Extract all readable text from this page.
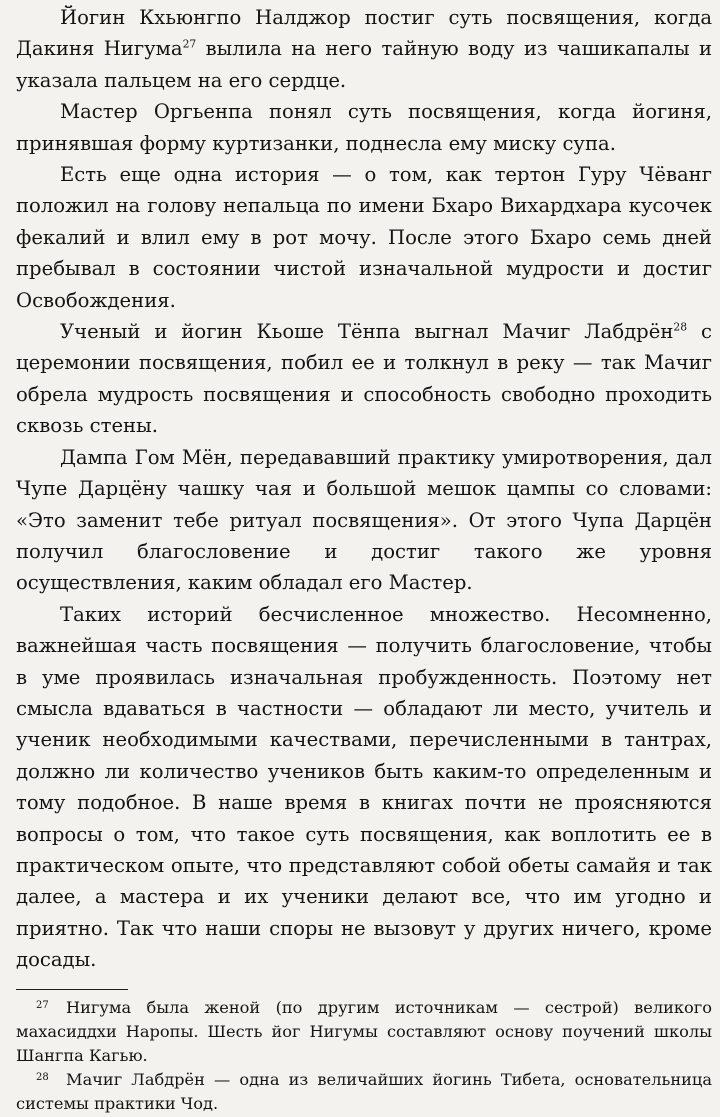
Йогин Кхьюнгпо Налджор постиг суть посвящения, когда Дакиня Нигума$^{27}$ вылила на него тайную воду из чашикапалы и указала пальцем на его сердце.

Мастер Оргьенпа понял суть посвящения, когда йогиня, принявшая форму куртизанки, поднесла ему миску супа.

Есть еще одна история — о том, как тертон Гуру Чёванг положил на голову непальца по имени Бхаро Вихардхара кусочек фекалий и влил ему в рот мочу. После этого Бхаро семь дней пребывал в состоянии чистой изначальной мудрости и достиг Освобождения.

Ученый и йогин Кьоше Тёнпа выгнал Мачиг Лабдрён$^{28}$ с церемонии посвящения, побил ее и толкнул в реку — так Мачиг обрела мудрость посвящения и способность свободно проходить сквозь стены.

Дампа Гом Мён, передававший практику умиротворения, дал Чупе Дарцёну чашку чая и большой мешок цампы со словами: «Это заменит тебе ритуал посвящения». От этого Чупа Дарцён получил благословение и достиг такого же уровня осуществления, каким обладал его Мастер.

Таких историй бесчисленное множество. Несомненно, важнейшая часть посвящения — получить благословение, чтобы в уме проявилась изначальная пробужденность. Поэтому нет смысла вдаваться в частности — обладают ли место, учитель и ученик необходимыми качествами, перечисленными в тантрах, должно ли количество учеников быть каким-то определенным и тому подобное. В наше время в книгах почти не проясняются вопросы о том, что такое суть посвящения, как воплотить ее в практическом опыте, что представляют собой обеты самайя и так далее, а мастера и их ученики делают все, что им угодно и приятно. Так что наши споры не вызовут у других ничего, кроме досады.

27 Нигума была женой (по другим источникам — сестрой) великого махасиддхи Наропы. Шесть йог Нигумы составляют основу поучений школы Шангпа Кагью.

28 Мачиг Лабдрён — одна из величайших йогинь Тибета, основательница системы практики Чод.
